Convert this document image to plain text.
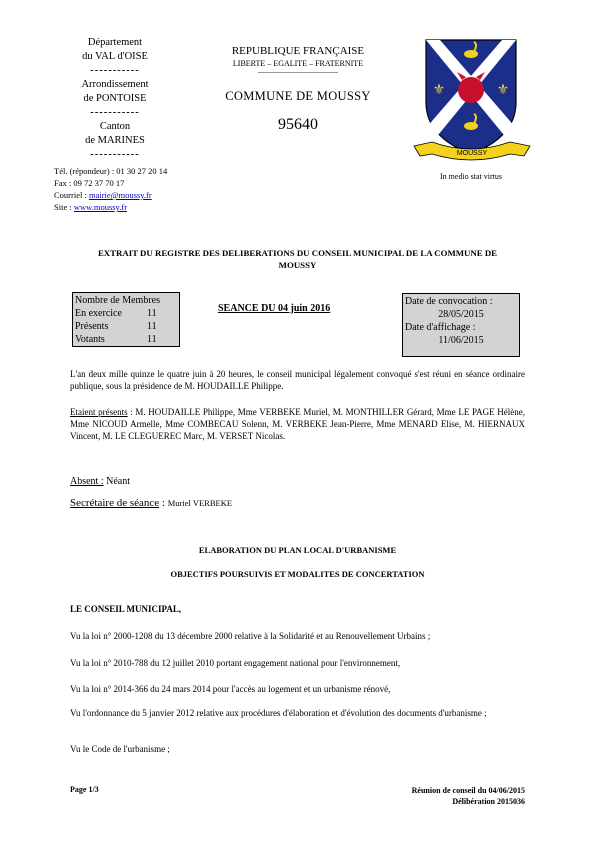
Département
du VAL d'OISE
-----------
Arrondissement
de PONTOISE
-----------
Canton
de MARINES
-----------
Tél. (répondeur) : 01 30 27 20 14
Fax : 09 72 37 70 17
Courriel : mairie@moussy.fr
Site : www.moussy.fr
REPUBLIQUE FRANÇAISE
LIBERTE – EGALITE – FRATERNITE
COMMUNE DE MOUSSY
95640
⚜	⚜
MOUSSY
In medio stat virtus
EXTRAIT DU REGISTRE DES DELIBERATIONS DU CONSEIL MUNICIPAL DE LA COMMUNE DE MOUSSY
Nombre de Membres
En exercice	11
Présents	11
Votants	11
SEANCE DU 04 juin 2016
Date de convocation :
28/05/2015
Date d'affichage :
11/06/2015
L'an deux mille quinze le quatre juin à 20 heures, le conseil municipal légalement convoqué s'est réuni en séance ordinaire publique, sous la présidence de M. HOUDAILLE Philippe.
Etaient présents : M. HOUDAILLE Philippe, Mme VERBEKE Muriel, M. MONTHILLER Gérard, Mme LE PAGE Hélène, Mme NICOUD Armelle, Mme COMBECAU Solenn, M. VERBEKE Jean-Pierre, Mme MENARD Elise, M. HIERNAUX Vincent, M. LE CLEGUEREC Marc, M. VERSET Nicolas.
Absent : Néant
Secrétaire de séance : Muriel VERBEKE
ELABORATION DU PLAN LOCAL D'URBANISME
OBJECTIFS POURSUIVIS ET MODALITES DE CONCERTATION
LE CONSEIL MUNICIPAL,
Vu la loi n° 2000-1208 du 13 décembre 2000 relative à la Solidarité et au Renouvellement Urbains ;
Vu la loi n° 2010-788 du 12 juillet 2010 portant engagement national pour l'environnement,
Vu la loi n° 2014-366 du 24 mars 2014 pour l'accès au logement et un urbanisme rénové,
Vu l'ordonnance du 5 janvier 2012 relative aux procédures d'élaboration et d'évolution des documents d'urbanisme ;
Vu le Code de l'urbanisme ;
Page 1/3	Réunion de conseil du 04/06/2015
Délibération 2015036
